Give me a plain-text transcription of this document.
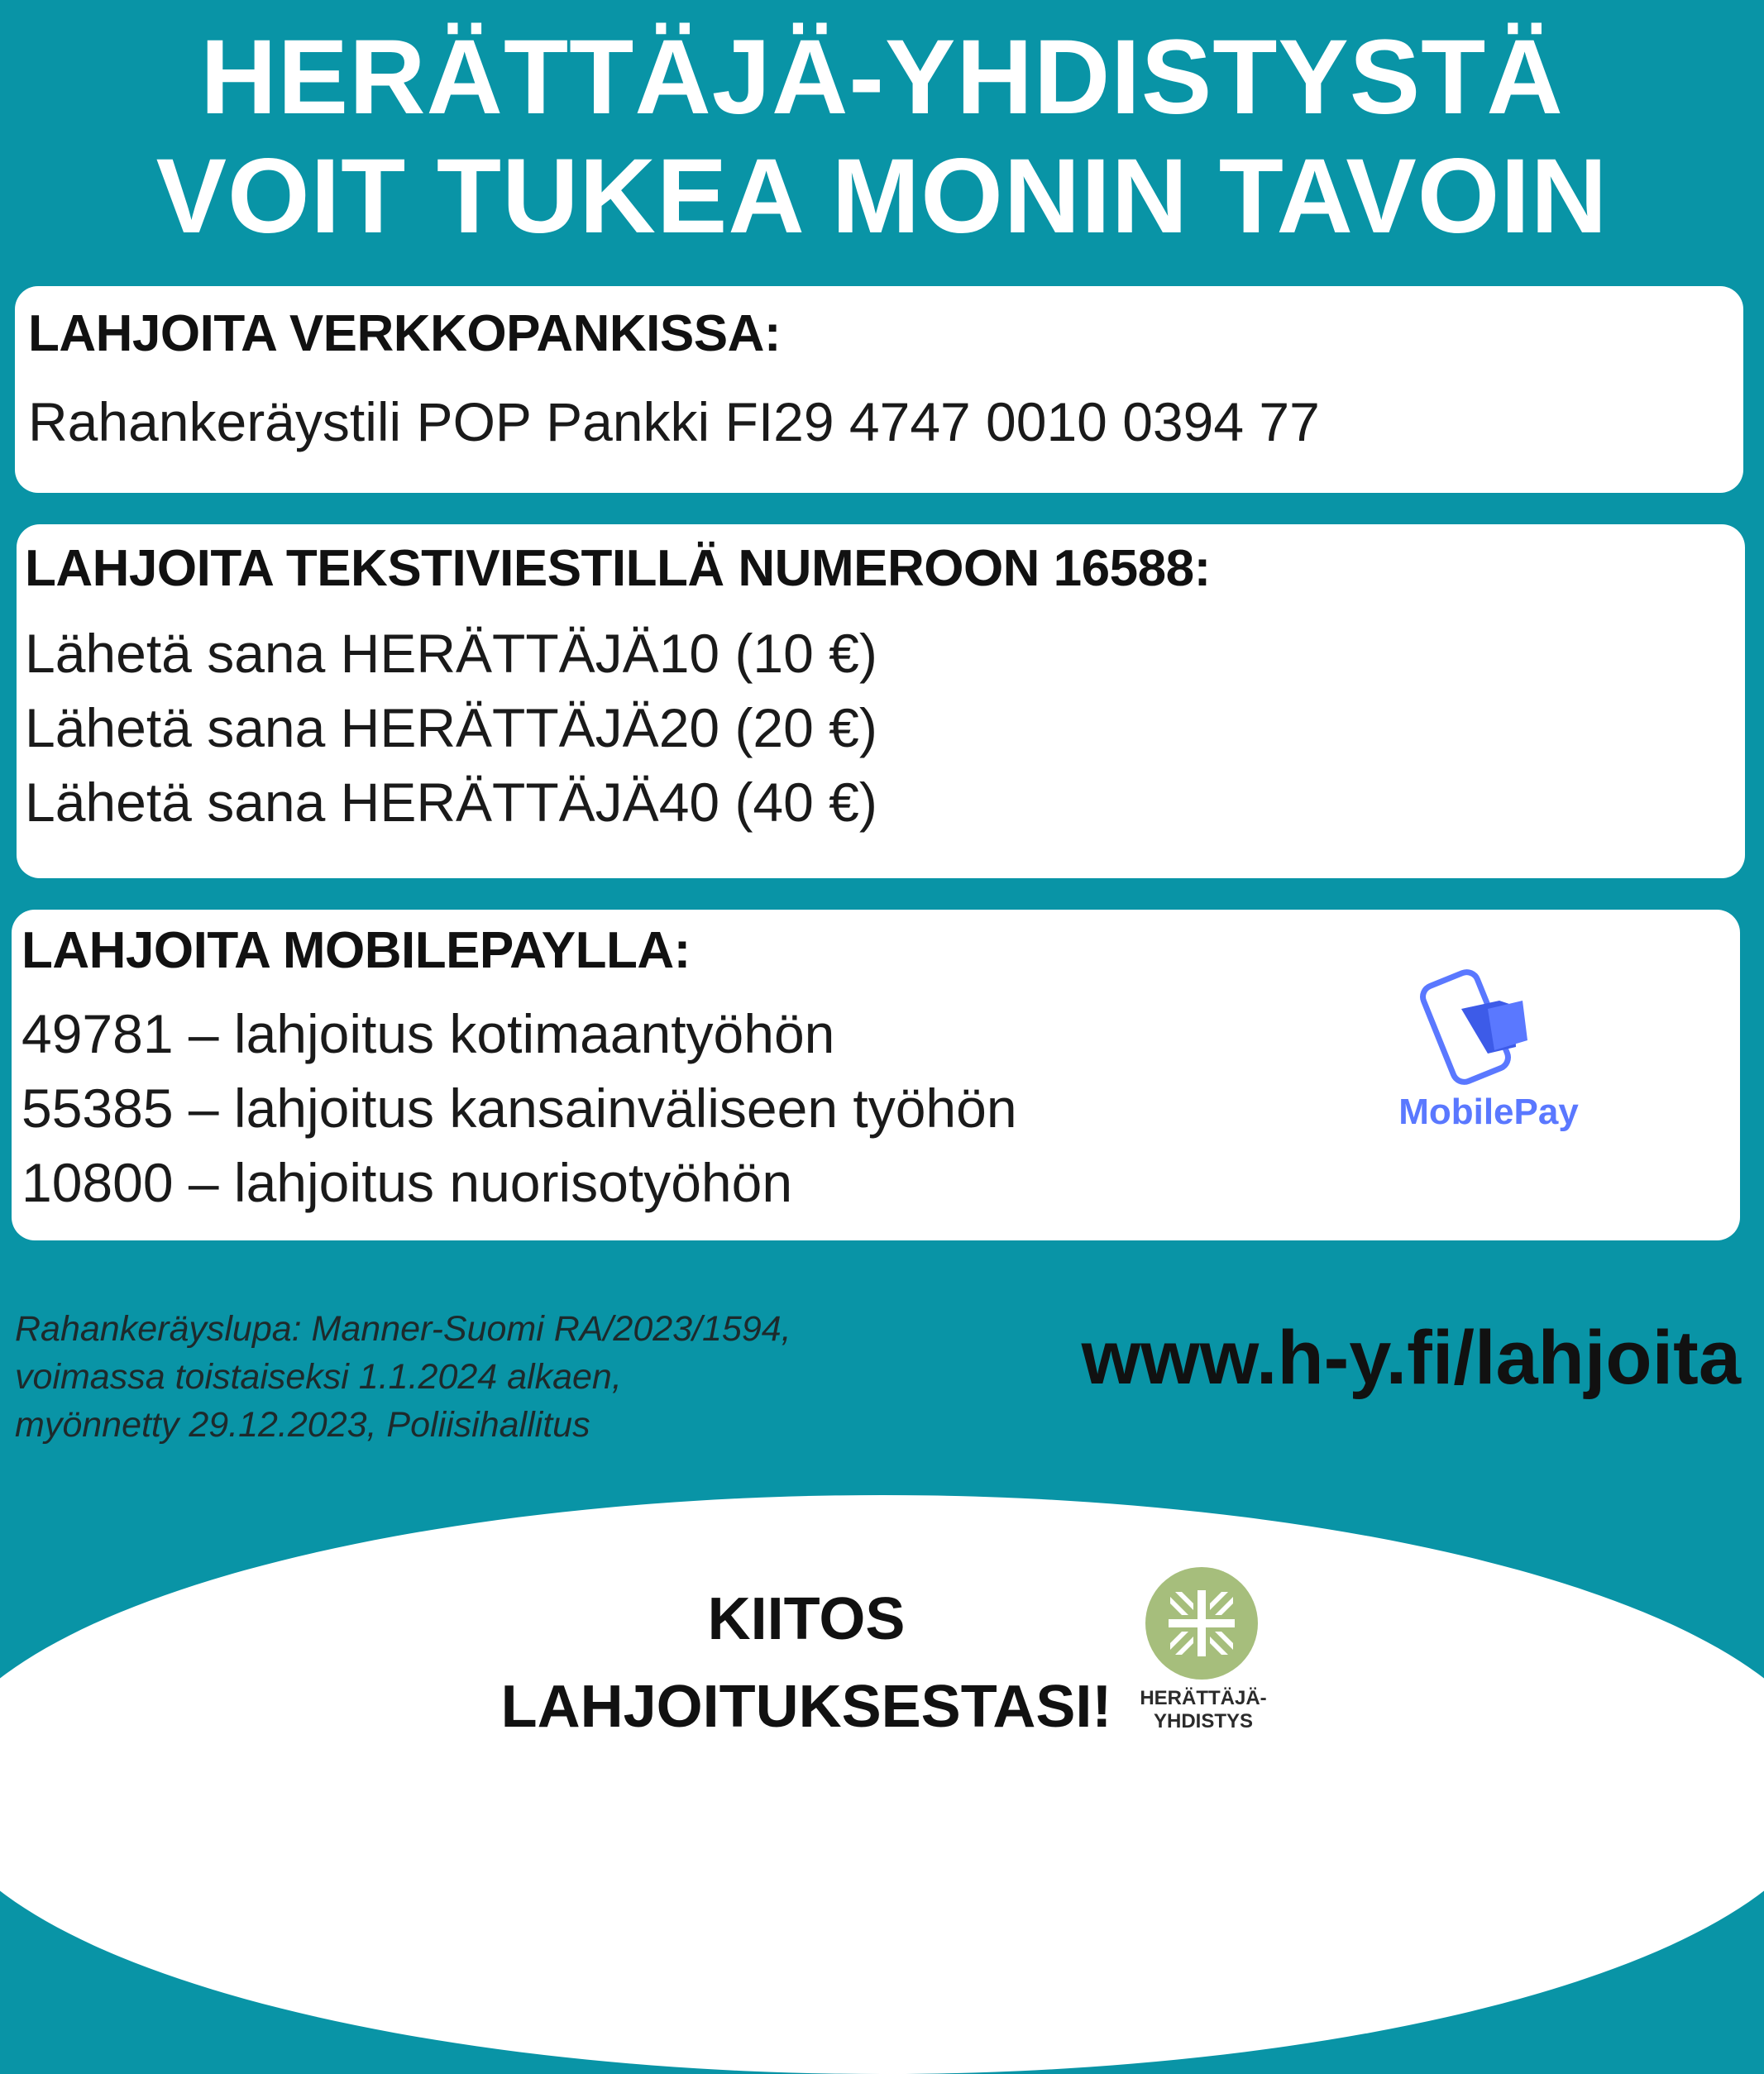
HERÄTTÄJÄ-YHDISTYSTÄ
VOIT TUKEA MONIN TAVOIN
LAHJOITA VERKKOPANKISSA:
Rahankeräystili POP Pankki FI29 4747 0010 0394 77
LAHJOITA TEKSTIVIESTILLÄ NUMEROON 16588:
Lähetä sana HERÄTTÄJÄ10 (10 €)
Lähetä sana HERÄTTÄJÄ20 (20 €)
Lähetä sana HERÄTTÄJÄ40 (40 €)
LAHJOITA MOBILEPAYLLA:
49781 – lahjoitus kotimaantyöhön
55385 – lahjoitus kansainväliseen työhön
10800 – lahjoitus nuorisotyöhön
MobilePay
Rahankeräyslupa: Manner-Suomi RA/2023/1594,
voimassa toistaiseksi 1.1.2024 alkaen,
myönnetty 29.12.2023, Poliisihallitus
www.h-y.fi/lahjoita
KIITOS
LAHJOITUKSESTASI!	HERÄTTÄJÄ-
YHDISTYS
